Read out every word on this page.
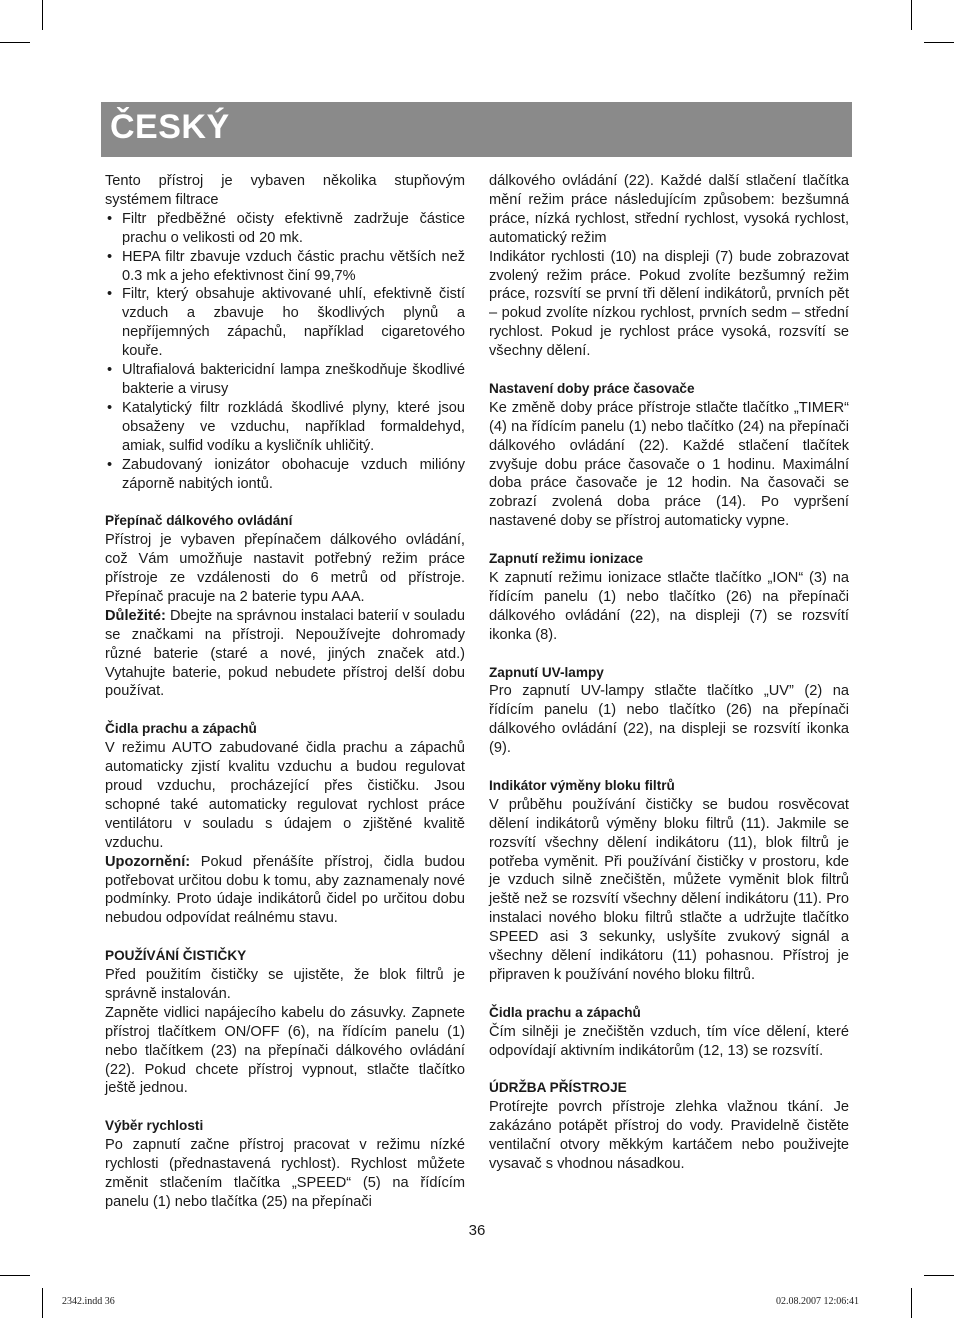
ČESKÝ

Tento přístroj je vybaven několika stupňovým systémem filtrace

• Filtr předběžné očisty efektivně zadržuje částice prachu o velikosti od 20 mk.
• HEPA filtr zbavuje vzduch částic prachu větších než 0.3 mk a jeho efektivnost činí 99,7%
• Filtr, který obsahuje aktivované uhlí, efektivně čistí vzduch a zbavuje ho škodlivých plynů a nepříjemných zápachů, například cigaretového kouře.
• Ultrafialová baktericidní lampa zneškodňuje škodlivé bakterie a virusy
• Katalytický filtr rozkládá škodlivé plyny, které jsou obsaženy ve vzduchu, například formaldehyd, amiak, sulfid vodíku a kysličník uhličitý.
• Zabudovaný ionizátor obohacuje vzduch milióny záporně nabitých iontů.
Přepínač dálkového ovládání

Přístroj je vybaven přepínačem dálkového ovládání, což Vám umožňuje nastavit potřebný režim práce přístroje ze vzdálenosti do 6 metrů od přístroje. Přepínač pracuje na 2 baterie typu AAA.

Důležité: Dbejte na správnou instalaci baterií v souladu se značkami na přístroji. Nepoužívejte dohromady různé baterie (staré a nové, jiných značek atd.) Vytahujte baterie, pokud nebudete přístroj delší dobu používat.

Čidla prachu a zápachů

V režimu AUTO zabudované čidla prachu a zápachů automaticky zjistí kvalitu vzduchu a budou regulovat proud vzduchu, procházející přes čističku. Jsou schopné také automaticky regulovat rychlost práce ventilátoru v souladu s údajem o zjištěné kvalitě vzduchu.

Upozornění: Pokud přenášíte přístroj, čidla budou potřebovat určitou dobu k tomu, aby zaznamenaly nové podmínky. Proto údaje indikátorů čidel po určitou dobu nebudou odpovídat reálnému stavu.

POUŽÍVÁNÍ ČISTIČKY

Před použitím čističky se ujistěte, že blok filtrů je správně instalován.

Zapněte vidlici napájecího kabelu do zásuvky. Zapnete přístroj tlačítkem ON/OFF (6), na řídícím panelu (1) nebo tlačítkem (23) na přepínači dálkového ovládání (22). Pokud chcete přístroj vypnout, stlačte tlačítko ještě jednou.

Výběr rychlosti

Po zapnutí začne přístroj pracovat v režimu nízké rychlosti (přednastavená rychlost). Rychlost můžete změnit stlačením tlačítka „SPEED“ (5) na řídícím panelu (1) nebo tlačítka (25) na přepínači

dálkového ovládání (22). Každé další stlačení tlačítka mění režim práce následujícím způsobem: bezšumná práce, nízká rychlost, střední rychlost, vysoká rychlost, automatický režim

Indikátor rychlosti (10) na displeji (7) bude zobrazovat zvolený režim práce. Pokud zvolíte bezšumný režim práce, rozsvítí se první tři dělení indikátorů, prvních pět – pokud zvolíte nízkou rychlost, prvních sedm – střední rychlost. Pokud je rychlost práce vysoká, rozsvítí se všechny dělení.

Nastavení doby práce časovače

Ke změně doby práce přístroje stlačte tlačítko „TIMER“ (4) na řídícím panelu (1) nebo tlačítko (24) na přepínači dálkového ovládání (22). Každé stlačení tlačítek zvyšuje dobu práce časovače o 1 hodinu. Maximální doba práce časovače je 12 hodin. Na časovači se zobrazí zvolená doba práce (14). Po vypršení nastavené doby se přístroj automaticky vypne.

Zapnutí režimu ionizace

K zapnutí režimu ionizace stlačte tlačítko „ION“ (3) na řídícím panelu (1) nebo tlačítko (26) na přepínači dálkového ovládání (22), na displeji (7) se rozsvítí ikonka (8).

Zapnutí UV-lampy

Pro zapnutí UV-lampy stlačte tlačítko „UV” (2) na řídícím panelu (1) nebo tlačítko (26) na přepínači dálkového ovládání (22), na displeji se rozsvítí ikonka (9).

Indikátor výměny bloku filtrů

V průběhu používání čističky se budou rosvěcovat dělení indikátorů výměny bloku filtrů (11). Jakmile se rozsvítí všechny dělení indikátoru (11), blok filtrů je potřeba vyměnit. Při používání čističky v prostoru, kde je vzduch silně znečištěn, můžete vyměnit blok filtrů ještě než se rozsvítí všechny dělení indikátoru (11). Pro instalaci nového bloku filtrů stlačte a udržujte tlačítko SPEED asi 3 sekunky, uslyšíte zvukový signál a všechny dělení indikátoru (11) pohasnou. Přístroj je připraven k používání nového bloku filtrů.

Čidla prachu a zápachů

Čím silněji je znečištěn vzduch, tím více dělení, které odpovídají aktivním indikátorům (12, 13) se rozsvítí.

ÚDRŽBA PŘÍSTROJE

Protírejte povrch přístroje zlehka vlažnou tkání. Je zakázáno potápět přístroj do vody. Pravidelně čistěte ventilační otvory měkkým kartáčem nebo použivejte vysavač s vhodnou násadkou.

36
2342.indd 36	02.08.2007 12:06:41
